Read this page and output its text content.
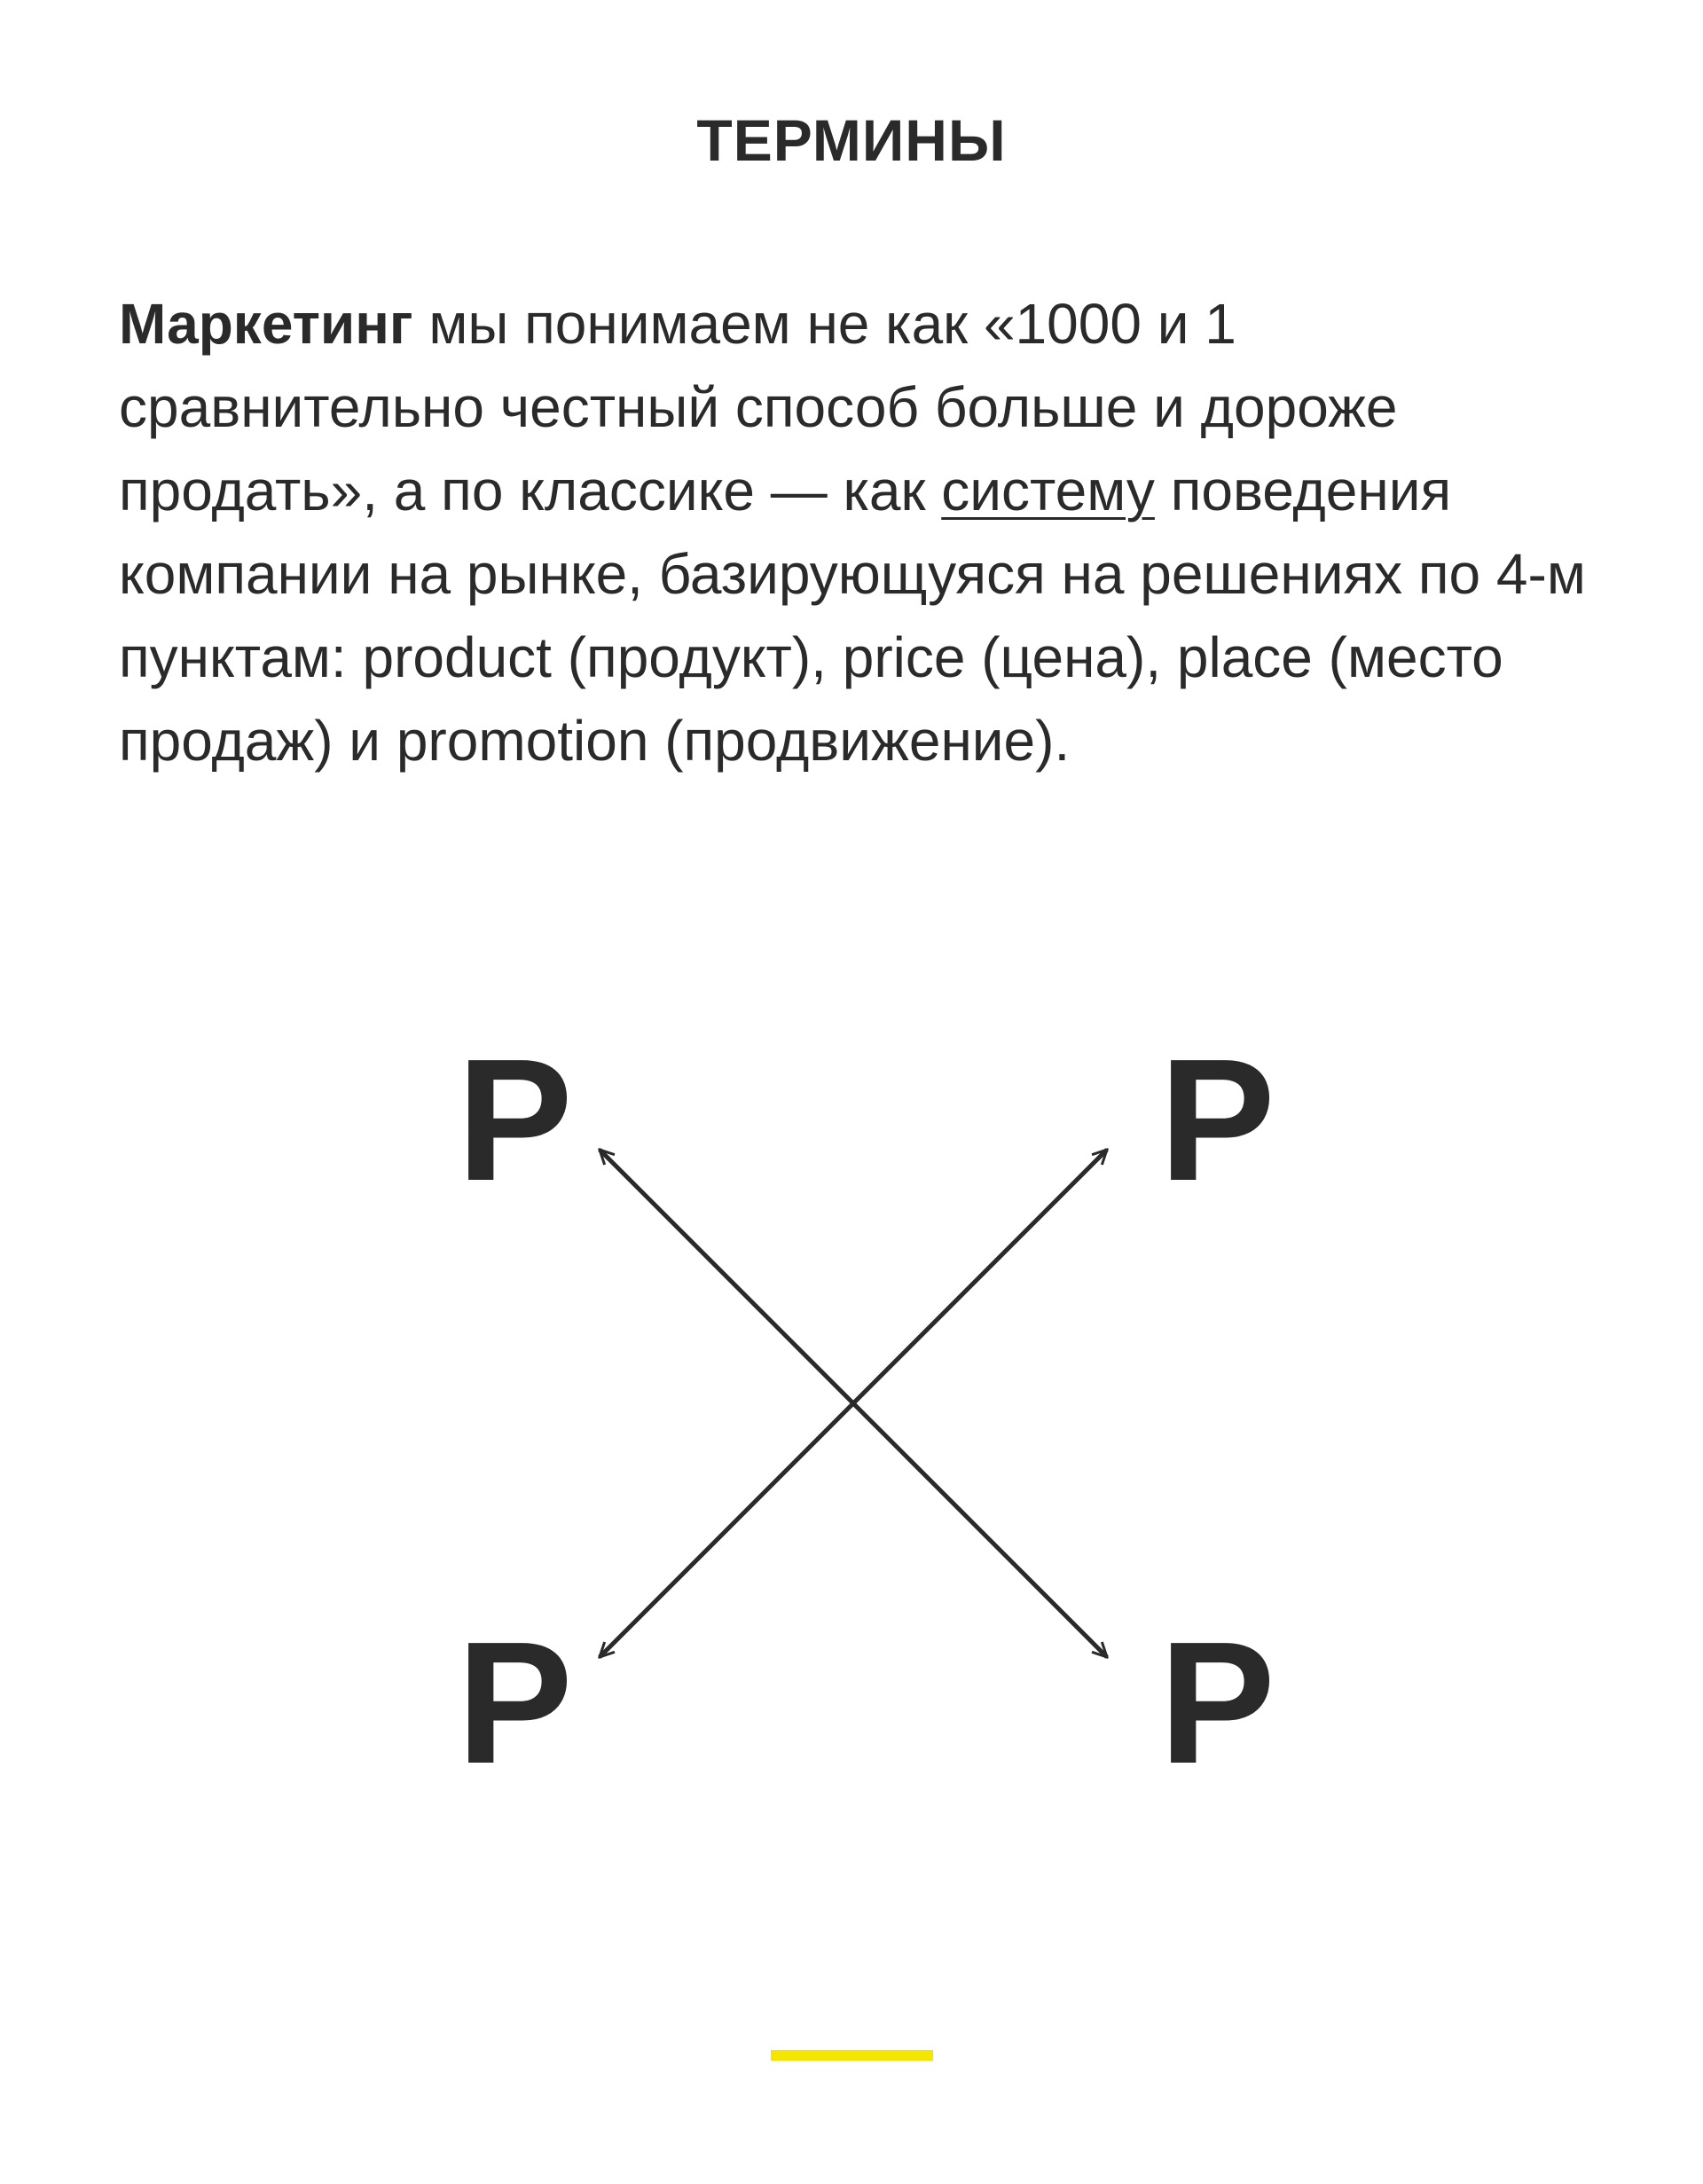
ТЕРМИНЫ
Маркетинг мы понимаем не как «1000 и 1 сравнительно честный способ больше и дороже продать», а по классике — как систему поведения компании на рынке, базирующуяся на решениях по 4-м пунктам: product (продукт), price (цена), place (место продаж) и promotion (продвижение).
P	P
P	P
